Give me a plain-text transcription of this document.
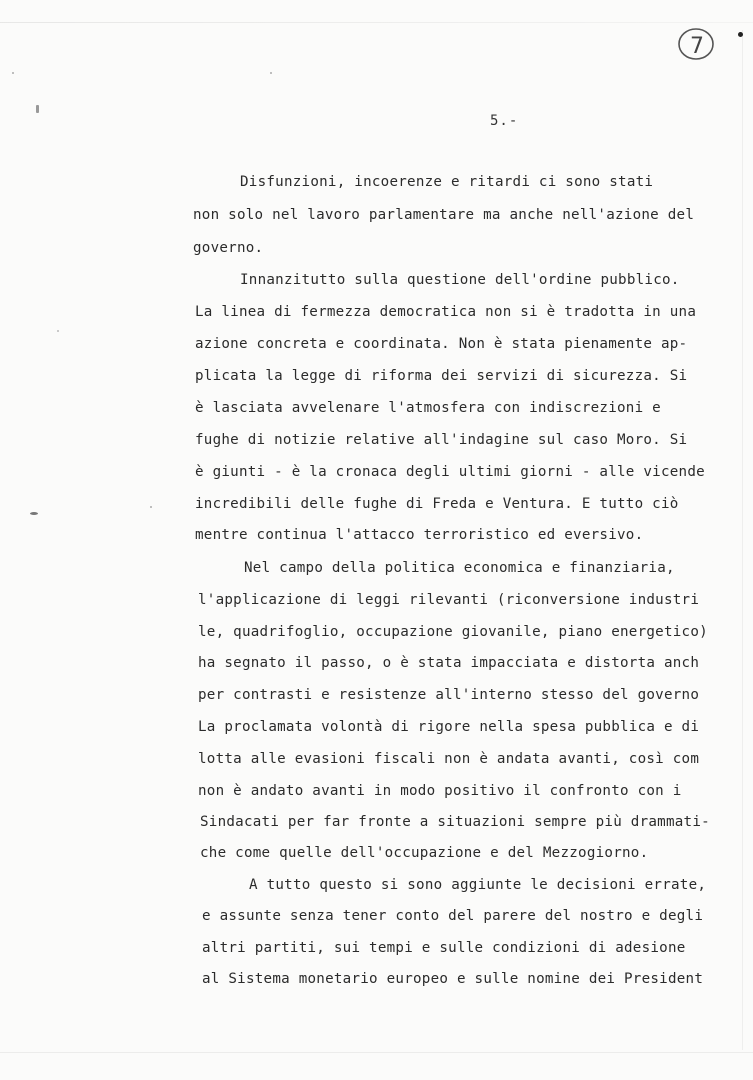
7
5.-
Disfunzioni, incoerenze e ritardi ci sono stati
non solo nel lavoro parlamentare ma anche nell'azione del
governo.
Innanzitutto sulla questione dell'ordine pubblico.
La linea di fermezza democratica non si è tradotta in una
azione concreta e coordinata. Non è stata pienamente ap-
plicata la legge di riforma dei servizi di sicurezza. Si
è lasciata avvelenare l'atmosfera con indiscrezioni e
fughe di notizie relative all'indagine sul caso Moro. Si
è giunti - è la cronaca degli ultimi giorni - alle vicende
incredibili delle fughe di Freda e Ventura. E tutto ciò
mentre continua l'attacco terroristico ed eversivo.
Nel campo della politica economica e finanziaria,
l'applicazione di leggi rilevanti (riconversione industri
le, quadrifoglio, occupazione giovanile, piano energetico)
ha segnato il passo, o è stata impacciata e distorta anch
per contrasti e resistenze all'interno stesso del governo
La proclamata volontà di rigore nella spesa pubblica e di
lotta alle evasioni fiscali non è andata avanti, così com
non è andato avanti in modo positivo il confronto con i
Sindacati per far fronte a situazioni sempre più drammati-
che come quelle dell'occupazione e del Mezzogiorno.
A tutto questo si sono aggiunte le decisioni errate,
e assunte senza tener conto del parere del nostro e degli
altri partiti, sui tempi e sulle condizioni di adesione
al Sistema monetario europeo e sulle nomine dei President
